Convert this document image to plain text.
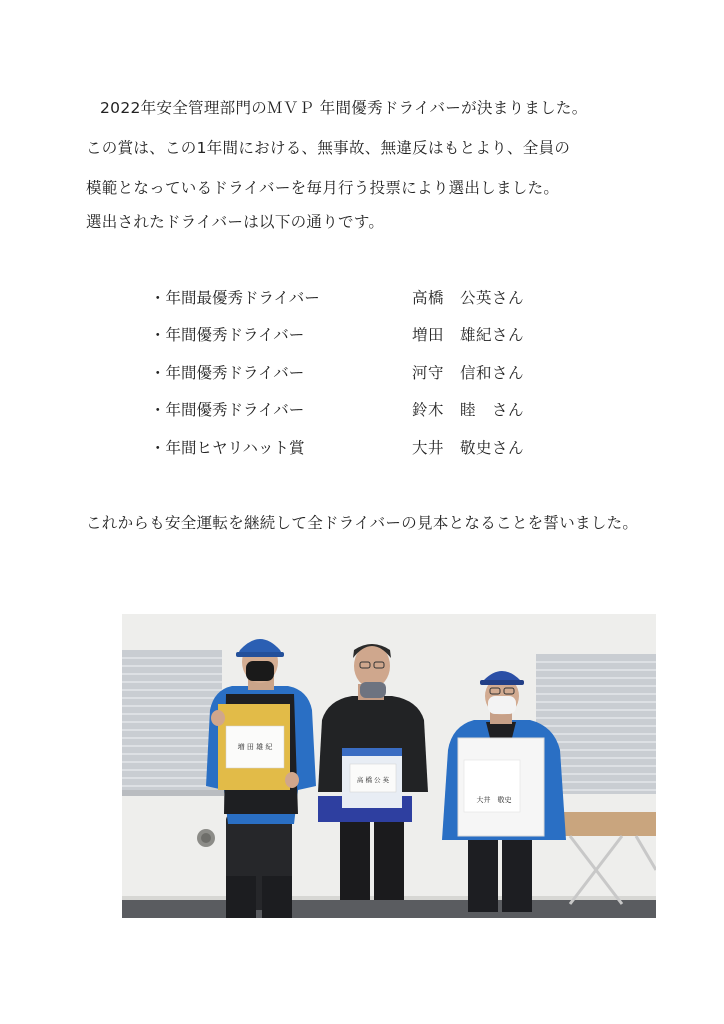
2022年安全管理部門のＭＶＰ 年間優秀ドライバーが決まりました。
この賞は、この1年間における、無事故、無違反はもとより、全員の
模範となっているドライバーを毎月行う投票により選出しました。
選出されたドライバーは以下の通りです。
・年間最優秀ドライバー	高橋　公英さん
・年間優秀ドライバー	増田　雄紀さん
・年間優秀ドライバー	河守　信和さん
・年間優秀ドライバー	鈴木　睦　さん
・年間ヒヤリハット賞	大井　敬史さん
これからも安全運転を継続して全ドライバーの見本となることを誓いました。
増 田 雄 紀
高 橋 公 英
大井　敬史
